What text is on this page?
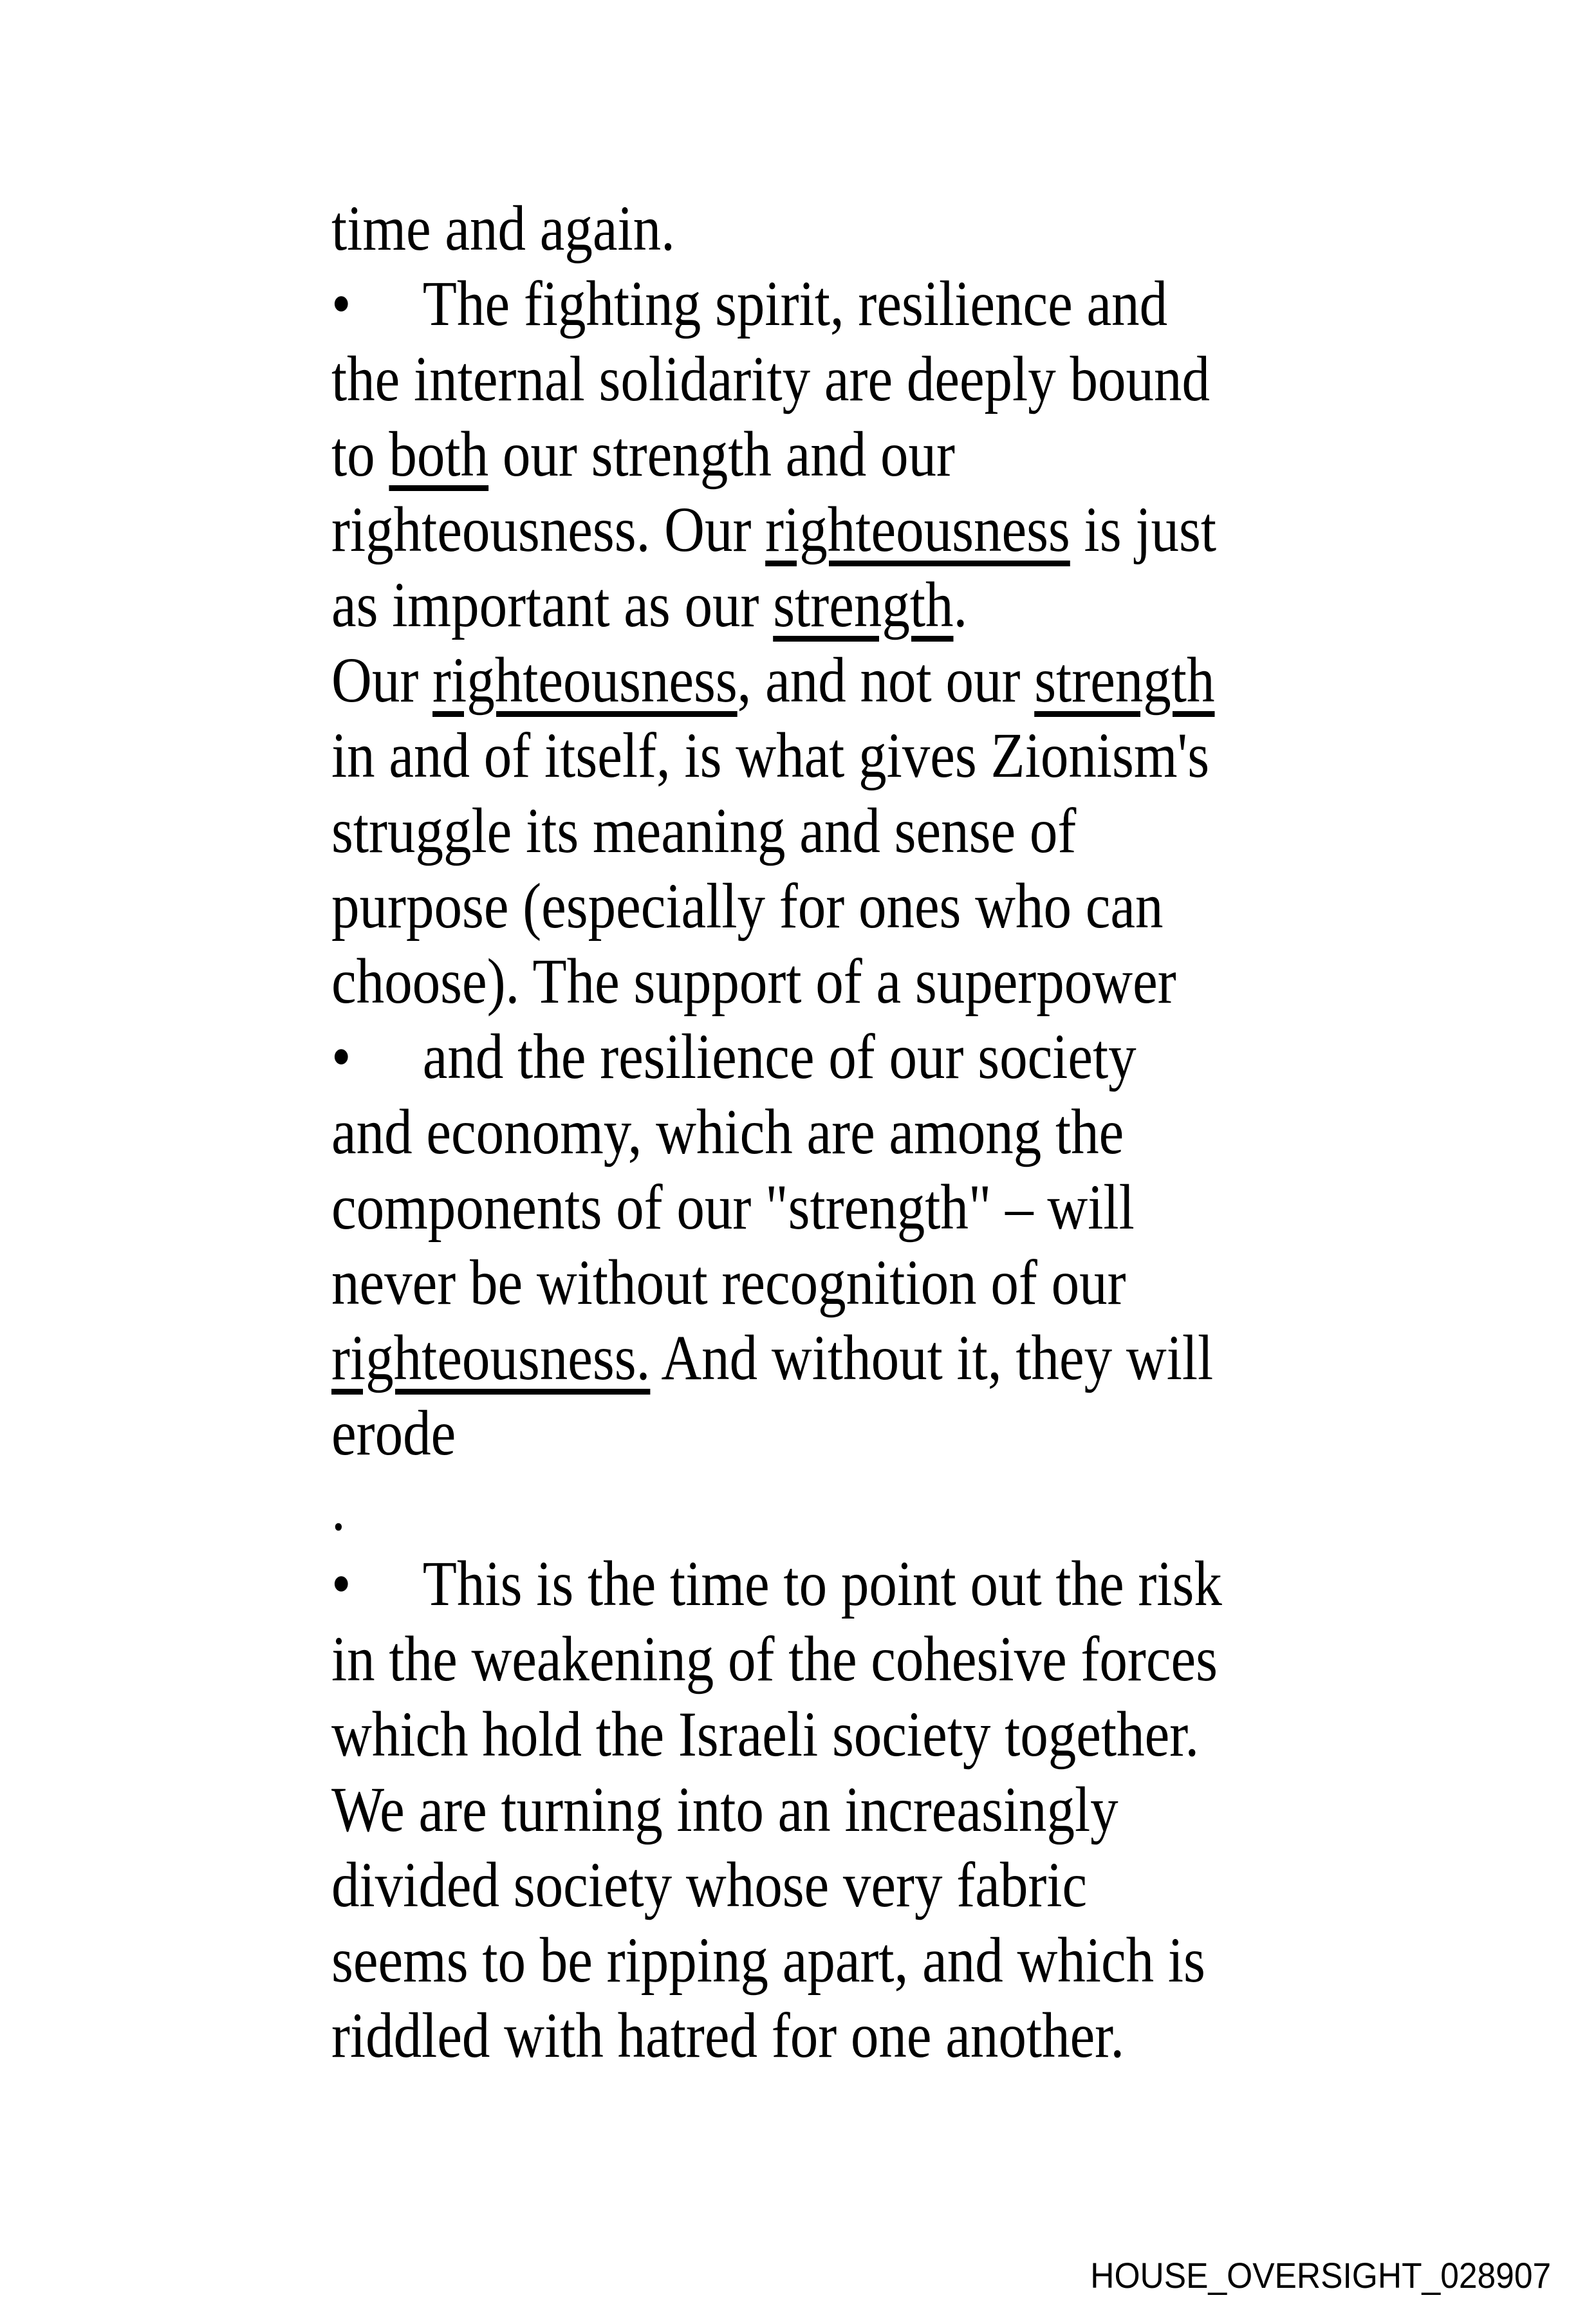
time and again.
• The fighting spirit, resilience and
the internal solidarity are deeply bound
to both our strength and our
righteousness. Our righteousness is just
as important as our strength.
Our righteousness, and not our strength
in and of itself, is what gives Zionism's
struggle its meaning and sense of
purpose (especially for ones who can
choose). The support of a superpower
• and the resilience of our society
and economy, which are among the
components of our "strength" – will
never be without recognition of our
righteousness. And without it, they will
erode
.
• This is the time to point out the risk
in the weakening of the cohesive forces
which hold the Israeli society together.
We are turning into an increasingly
divided society whose very fabric
seems to be ripping apart, and which is
riddled with hatred for one another.
HOUSE_OVERSIGHT_028907
